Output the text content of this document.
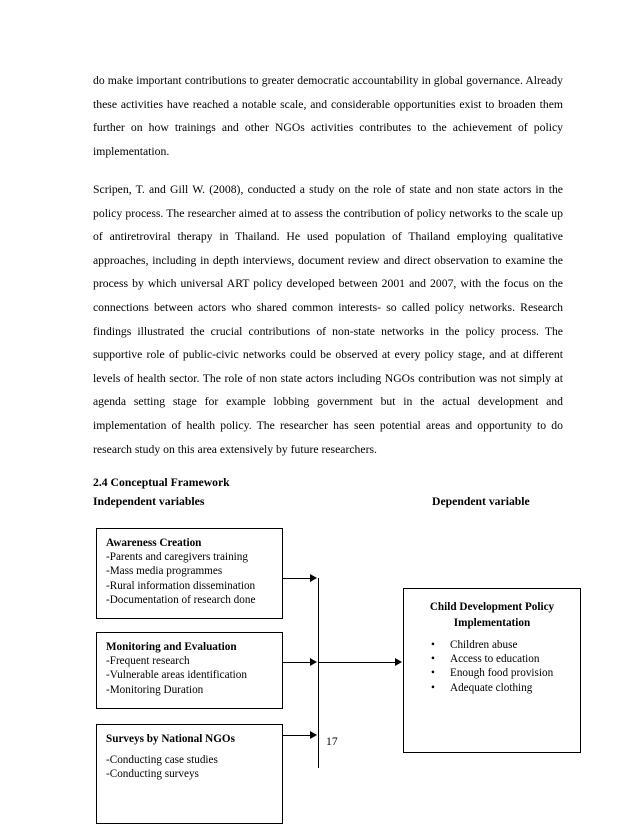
do make important contributions to greater democratic accountability in global governance. Already these activities have reached a notable scale, and considerable opportunities exist to broaden them further on how trainings and other NGOs activities contributes to the achievement of policy implementation.

Scripen, T. and Gill W. (2008), conducted a study on the role of state and non state actors in the policy process. The researcher aimed at to assess the contribution of policy networks to the scale up of antiretroviral therapy in Thailand. He used population of Thailand employing qualitative approaches, including in depth interviews, document review and direct observation to examine the process by which universal ART policy developed between 2001 and 2007, with the focus on the connections between actors who shared common interests- so called policy networks. Research findings illustrated the crucial contributions of non-state networks in the policy process. The supportive role of public-civic networks could be observed at every policy stage, and at different levels of health sector. The role of non state actors including NGOs contribution was not simply at agenda setting stage for example lobbing government but in the actual development and implementation of health policy. The researcher has seen potential areas and opportunity to do research study on this area extensively by future researchers.

2.4 Conceptual Framework
Independent variables	Dependent variable
Awareness Creation
-Parents and caregivers training
-Mass media programmes
-Rural information dissemination
-Documentation of research done
Monitoring and Evaluation
-Frequent research
-Vulnerable areas identification
-Monitoring Duration
Surveys by National NGOs
-Conducting case studies
-Conducting surveys
Child Development Policy
Implementation
• Children abuse
• Access to education
• Enough food provision
• Adequate clothing
17
